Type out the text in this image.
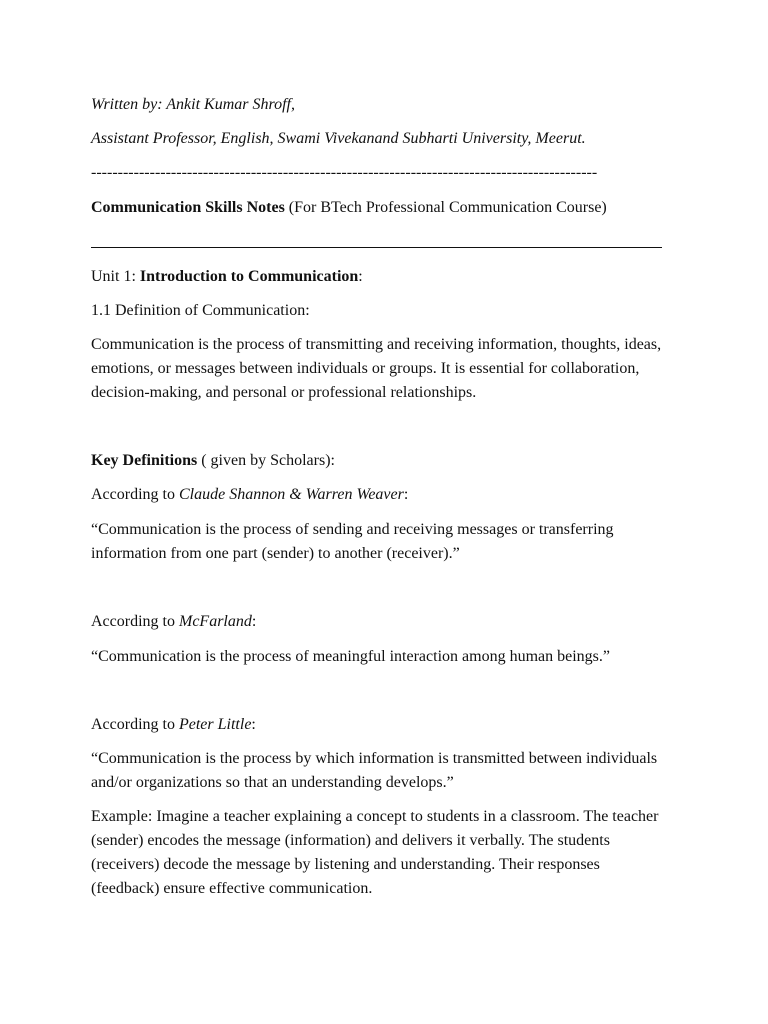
Written by: Ankit Kumar Shroff,

Assistant Professor, English, Swami Vivekanand Subharti University, Meerut.

-----------------------------------------------------------------------------------------------

Communication Skills Notes (For BTech Professional Communication Course)

Unit 1: Introduction to Communication:

1.1 Definition of Communication:

Communication is the process of transmitting and receiving information, thoughts, ideas, emotions, or messages between individuals or groups. It is essential for collaboration, decision-making, and personal or professional relationships.

Key Definitions ( given by Scholars):

According to Claude Shannon & Warren Weaver:

“Communication is the process of sending and receiving messages or transferring information from one part (sender) to another (receiver).”

According to McFarland:

“Communication is the process of meaningful interaction among human beings.”

According to Peter Little:

“Communication is the process by which information is transmitted between individuals and/or organizations so that an understanding develops.”

Example: Imagine a teacher explaining a concept to students in a classroom. The teacher (sender) encodes the message (information) and delivers it verbally. The students (receivers) decode the message by listening and understanding. Their responses (feedback) ensure effective communication.
